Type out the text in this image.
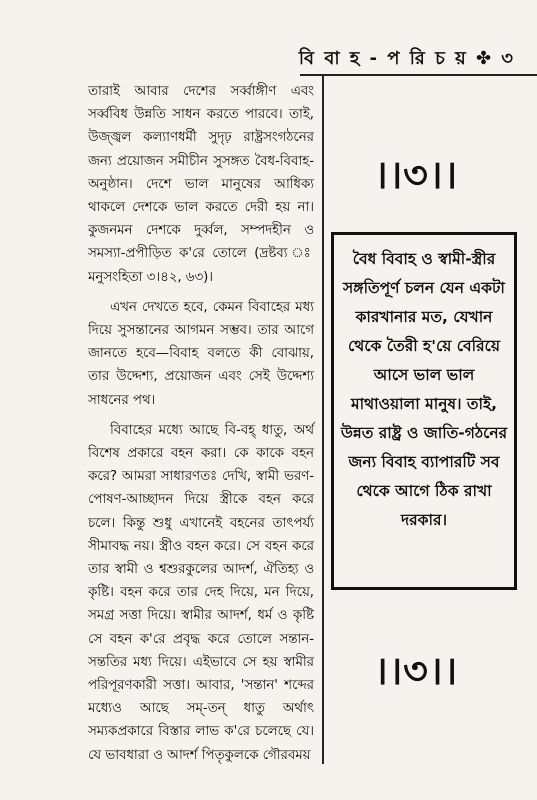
বি বা হ - প রি চ য় ✤ ৩

তারাই আবার দেশের সর্ব্বাঙ্গীণ এবং সর্ব্ববিধ উন্নতি সাধন করতে পারবে। তাই, উজ্জ্বল কল্যাণধর্মী সুদৃঢ় রাষ্ট্রসংগঠনের জন্য প্রয়োজন সমীচীন সুসঙ্গত বৈধ-বিবাহ-অনুষ্ঠান। দেশে ভাল মানুষের আধিক্য থাকলে দেশকে ভাল করতে দেরী হয় না। কুজনমন দেশকে দুর্ব্বল, সম্পদহীন ও সমস্যা-প্রপীড়িত ক'রে তোলে (দ্রষ্টব্য ঃ মনুসংহিতা ৩।৪২, ৬৩)।

এখন দেখতে হবে, কেমন বিবাহের মধ্য দিয়ে সুসন্তানের আগমন সম্ভব। তার আগে জানতে হবে—বিবাহ বলতে কী বোঝায়, তার উদ্দেশ্য, প্রয়োজন এবং সেই উদ্দেশ্য সাধনের পথ।

বিবাহের মধ্যে আছে বি-বহ্ ধাতু, অর্থ বিশেষ প্রকারে বহন করা। কে কাকে বহন করে? আমরা সাধারণতঃ দেখি, স্বামী ভরণ-পোষণ-আচ্ছাদন দিয়ে স্ত্রীকে বহন করে চলে। কিন্তু শুধু এখানেই বহনের তাৎপর্য্য সীমাবদ্ধ নয়। স্ত্রীও বহন করে। সে বহন করে তার স্বামী ও শ্বশুরকুলের আদর্শ, ঐতিহ্য ও কৃষ্টি। বহন করে তার দেহ দিয়ে, মন দিয়ে, সমগ্র সত্তা দিয়ে। স্বামীর আদর্শ, ধর্ম ও কৃষ্টি সে বহন ক'রে প্রবৃদ্ধ করে তোলে সন্তান-সন্ততির মধ্য দিয়ে। এইভাবে সে হয় স্বামীর পরিপূরণকারী সত্তা। আবার, 'সন্তান' শব্দের মধ্যেও আছে সম্-তন্ ধাতু অর্থাৎ সম্যকপ্রকারে বিস্তার লাভ ক'রে চলেছে যে। যে ভাবধারা ও আদর্শ পিতৃকুলকে গৌরবময়

।।৩।।
বৈধ বিবাহ ও স্বামী-স্ত্রীর সঙ্গতিপূর্ণ চলন যেন একটা কারখানার মত, যেখান থেকে তৈরী হ'য়ে বেরিয়ে আসে ভাল ভাল মাথাওয়ালা মানুষ। তাই, উন্নত রাষ্ট্র ও জাতি-গঠনের জন্য বিবাহ ব্যাপারটি সব থেকে আগে ঠিক রাখা দরকার।
।।৩।।
